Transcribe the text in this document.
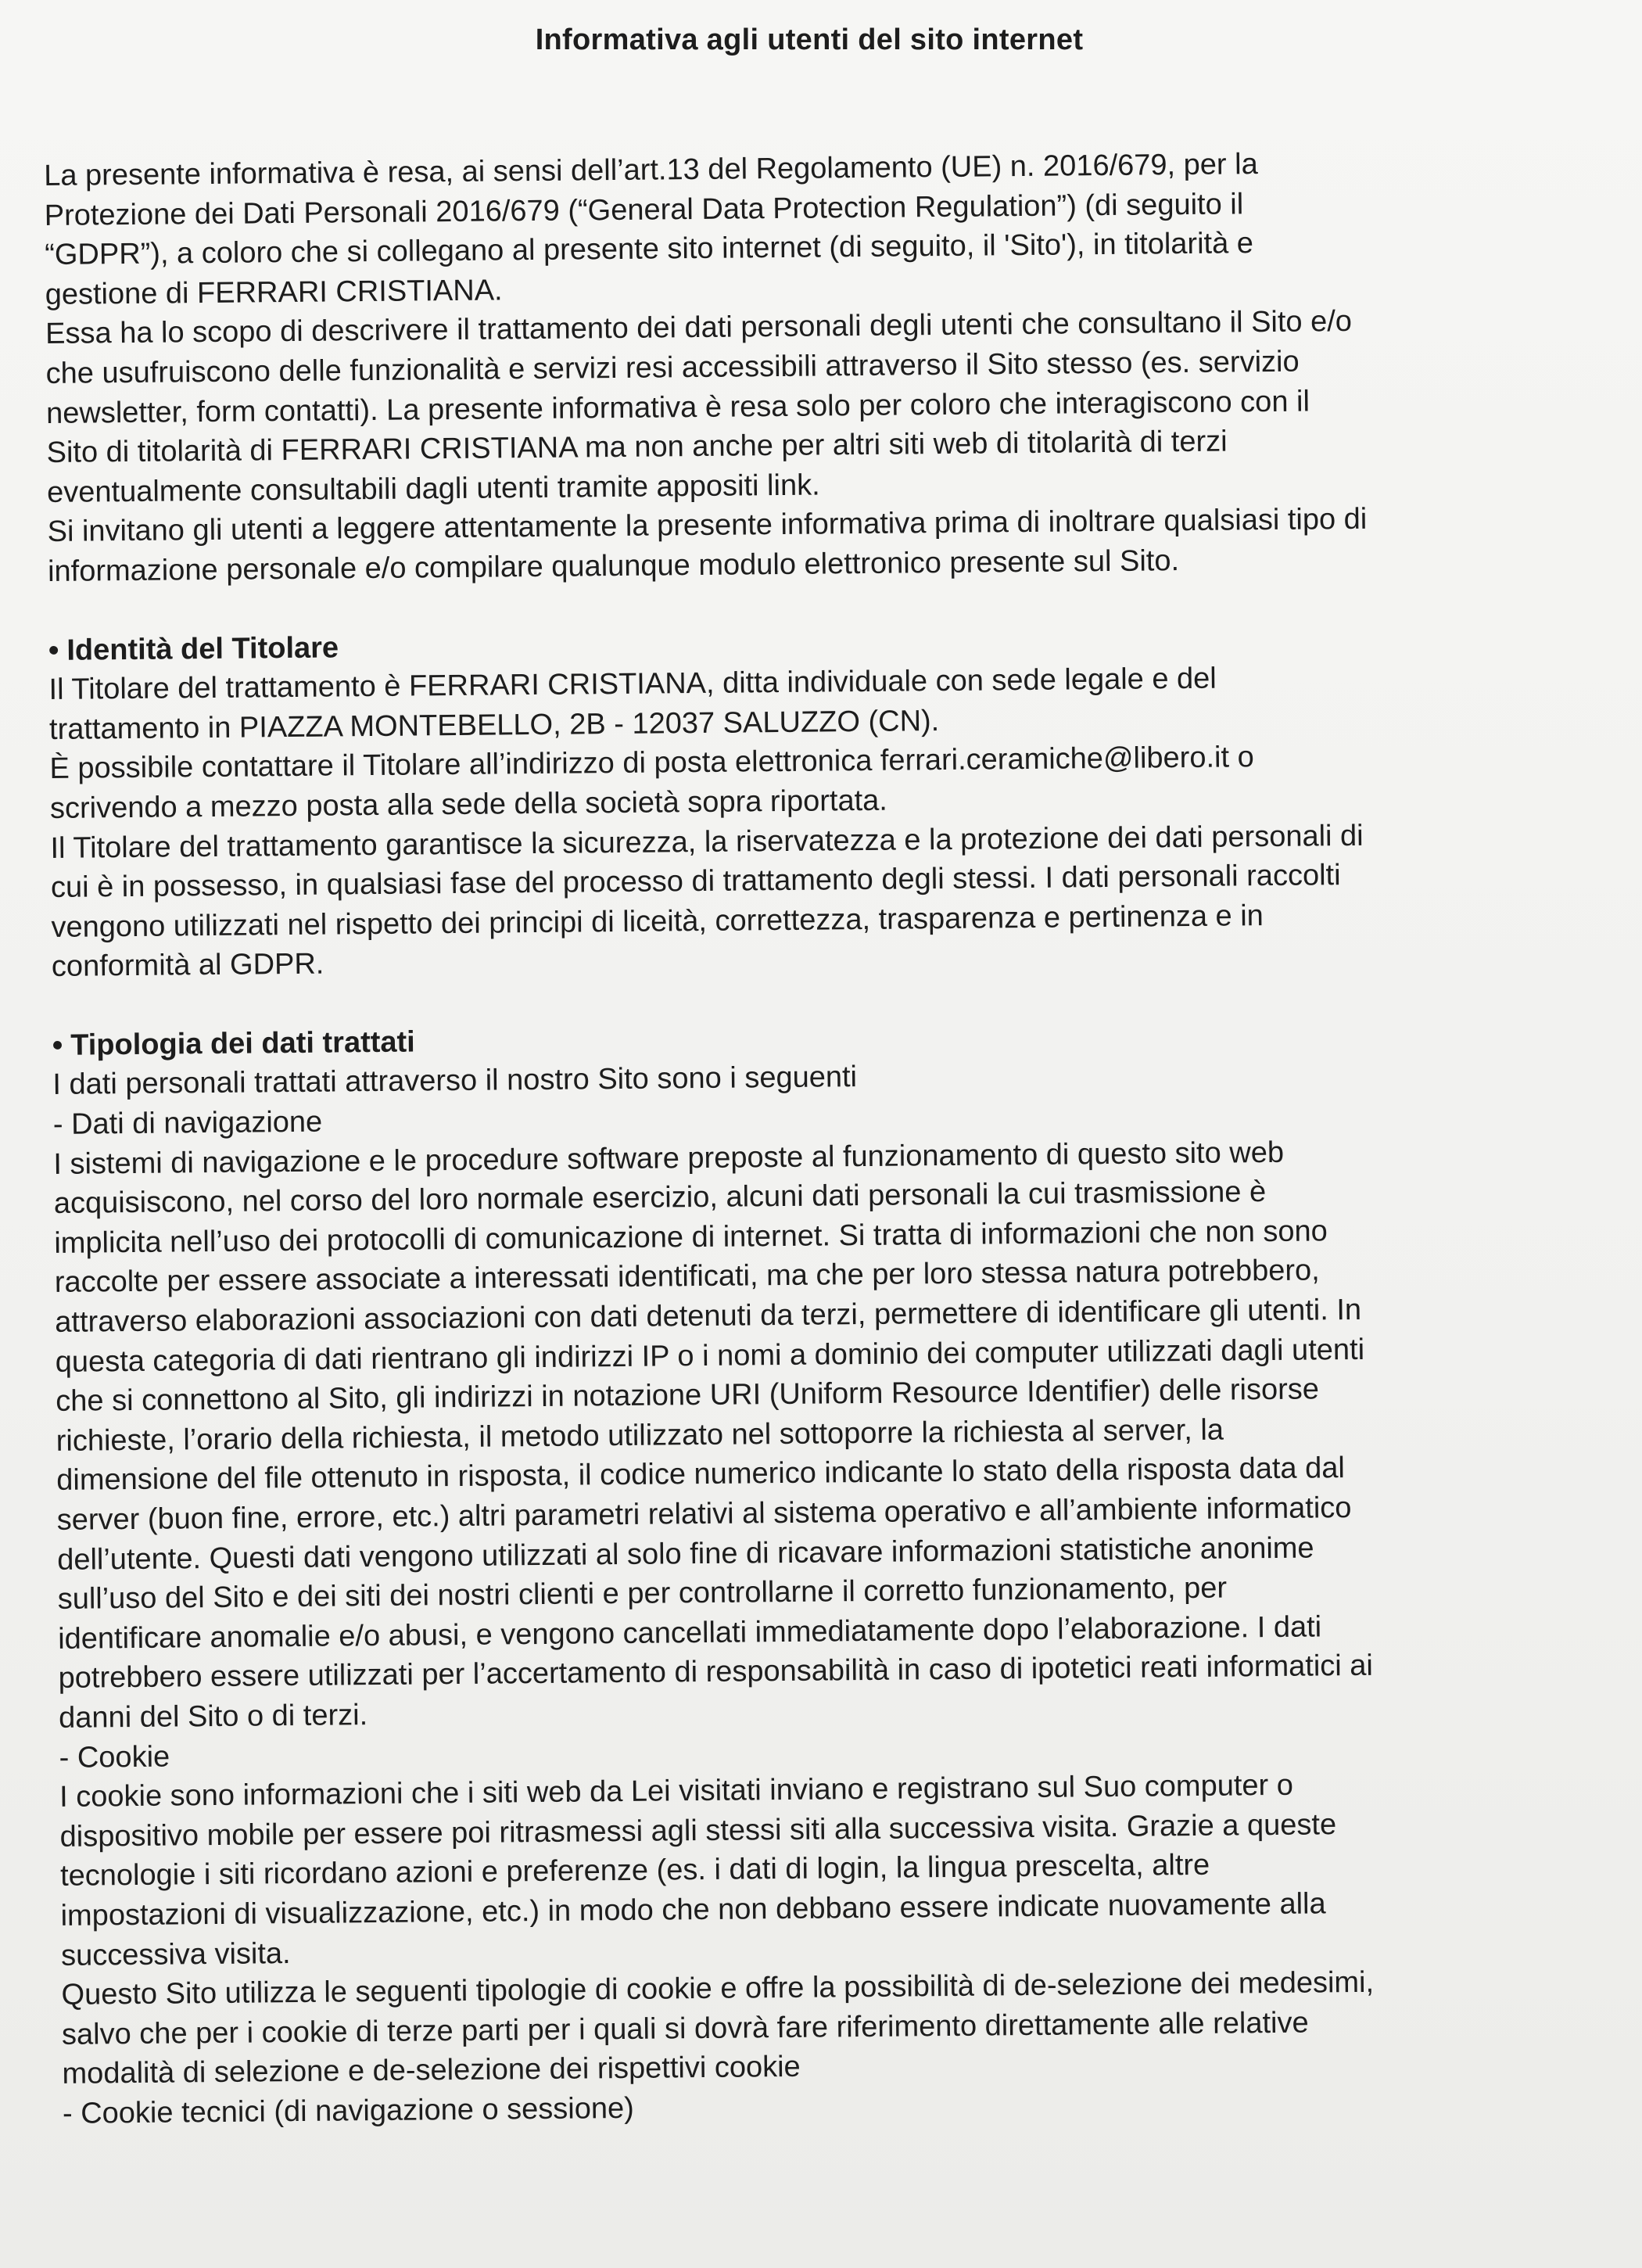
Informativa agli utenti del sito internet

La presente informativa è resa, ai sensi dell’art.13 del Regolamento (UE) n. 2016/679, per la
Protezione dei Dati Personali 2016/679 (“General Data Protection Regulation”) (di seguito il
“GDPR”), a coloro che si collegano al presente sito internet (di seguito, il 'Sito'), in titolarità e
gestione di FERRARI CRISTIANA.

Essa ha lo scopo di descrivere il trattamento dei dati personali degli utenti che consultano il Sito e/o
che usufruiscono delle funzionalità e servizi resi accessibili attraverso il Sito stesso (es. servizio
newsletter, form contatti). La presente informativa è resa solo per coloro che interagiscono con il
Sito di titolarità di FERRARI CRISTIANA ma non anche per altri siti web di titolarità di terzi
eventualmente consultabili dagli utenti tramite appositi link.

Si invitano gli utenti a leggere attentamente la presente informativa prima di inoltrare qualsiasi tipo di
informazione personale e/o compilare qualunque modulo elettronico presente sul Sito.

• Identità del Titolare

Il Titolare del trattamento è FERRARI CRISTIANA, ditta individuale con sede legale e del
trattamento in PIAZZA MONTEBELLO, 2B - 12037 SALUZZO (CN).

È possibile contattare il Titolare all’indirizzo di posta elettronica ferrari.ceramiche@libero.it o
scrivendo a mezzo posta alla sede della società sopra riportata.

Il Titolare del trattamento garantisce la sicurezza, la riservatezza e la protezione dei dati personali di
cui è in possesso, in qualsiasi fase del processo di trattamento degli stessi. I dati personali raccolti
vengono utilizzati nel rispetto dei principi di liceità, correttezza, trasparenza e pertinenza e in
conformità al GDPR.

• Tipologia dei dati trattati

I dati personali trattati attraverso il nostro Sito sono i seguenti

- Dati di navigazione

I sistemi di navigazione e le procedure software preposte al funzionamento di questo sito web
acquisiscono, nel corso del loro normale esercizio, alcuni dati personali la cui trasmissione è
implicita nell’uso dei protocolli di comunicazione di internet. Si tratta di informazioni che non sono
raccolte per essere associate a interessati identificati, ma che per loro stessa natura potrebbero,
attraverso elaborazioni associazioni con dati detenuti da terzi, permettere di identificare gli utenti. In
questa categoria di dati rientrano gli indirizzi IP o i nomi a dominio dei computer utilizzati dagli utenti
che si connettono al Sito, gli indirizzi in notazione URI (Uniform Resource Identifier) delle risorse
richieste, l’orario della richiesta, il metodo utilizzato nel sottoporre la richiesta al server, la
dimensione del file ottenuto in risposta, il codice numerico indicante lo stato della risposta data dal
server (buon fine, errore, etc.) altri parametri relativi al sistema operativo e all’ambiente informatico
dell’utente. Questi dati vengono utilizzati al solo fine di ricavare informazioni statistiche anonime
sull’uso del Sito e dei siti dei nostri clienti e per controllarne il corretto funzionamento, per
identificare anomalie e/o abusi, e vengono cancellati immediatamente dopo l’elaborazione. I dati
potrebbero essere utilizzati per l’accertamento di responsabilità in caso di ipotetici reati informatici ai
danni del Sito o di terzi.

- Cookie

I cookie sono informazioni che i siti web da Lei visitati inviano e registrano sul Suo computer o
dispositivo mobile per essere poi ritrasmessi agli stessi siti alla successiva visita. Grazie a queste
tecnologie i siti ricordano azioni e preferenze (es. i dati di login, la lingua prescelta, altre
impostazioni di visualizzazione, etc.) in modo che non debbano essere indicate nuovamente alla
successiva visita.

Questo Sito utilizza le seguenti tipologie di cookie e offre la possibilità di de-selezione dei medesimi,
salvo che per i cookie di terze parti per i quali si dovrà fare riferimento direttamente alle relative
modalità di selezione e de-selezione dei rispettivi cookie

- Cookie tecnici (di navigazione o sessione)
